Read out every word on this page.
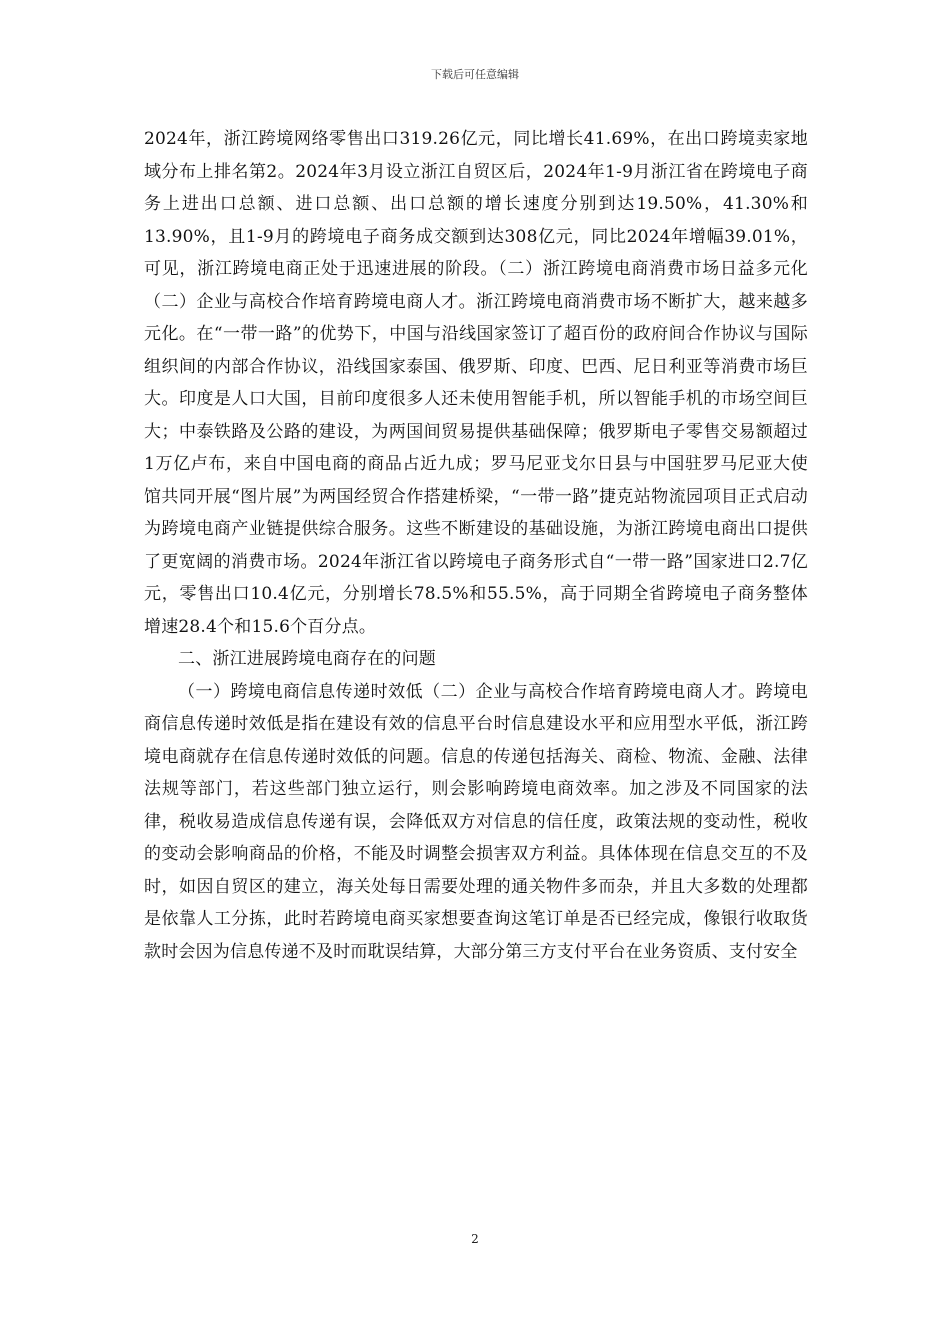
下载后可任意编辑

2024年，浙江跨境网络零售出口319.26亿元，同比增长41.69%，在出口跨境卖家地域分布上排名第2。2024年3月设立浙江自贸区后，2024年1-9月浙江省在跨境电子商务上进出口总额、进口总额、出口总额的增长速度分别到达19.50%，41.30%和13.90%，且1-9月的跨境电子商务成交额到达308亿元，同比2024年增幅39.01%，可见，浙江跨境电商正处于迅速进展的阶段。（二）浙江跨境电商消费市场日益多元化（二）企业与高校合作培育跨境电商人才。浙江跨境电商消费市场不断扩大，越来越多元化。在“一带一路”的优势下，中国与沿线国家签订了超百份的政府间合作协议与国际组织间的内部合作协议，沿线国家泰国、俄罗斯、印度、巴西、尼日利亚等消费市场巨大。印度是人口大国，目前印度很多人还未使用智能手机，所以智能手机的市场空间巨大；中泰铁路及公路的建设，为两国间贸易提供基础保障；俄罗斯电子零售交易额超过1万亿卢布，来自中国电商的商品占近九成；罗马尼亚戈尔日县与中国驻罗马尼亚大使馆共同开展“图片展”为两国经贸合作搭建桥梁，“一带一路”捷克站物流园项目正式启动为跨境电商产业链提供综合服务。这些不断建设的基础设施，为浙江跨境电商出口提供了更宽阔的消费市场。2024年浙江省以跨境电子商务形式自“一带一路”国家进口2.7亿元，零售出口10.4亿元，分别增长78.5%和55.5%，高于同期全省跨境电子商务整体增速28.4个和15.6个百分点。

二、浙江进展跨境电商存在的问题

（一）跨境电商信息传递时效低（二）企业与高校合作培育跨境电商人才。跨境电商信息传递时效低是指在建设有效的信息平台时信息建设水平和应用型水平低，浙江跨境电商就存在信息传递时效低的问题。信息的传递包括海关、商检、物流、金融、法律法规等部门，若这些部门独立运行，则会影响跨境电商效率。加之涉及不同国家的法律，税收易造成信息传递有误，会降低双方对信息的信任度，政策法规的变动性，税收的变动会影响商品的价格，不能及时调整会损害双方利益。具体体现在信息交互的不及时，如因自贸区的建立，海关处每日需要处理的通关物件多而杂，并且大多数的处理都是依靠人工分拣，此时若跨境电商买家想要查询这笔订单是否已经完成，像银行收取货款时会因为信息传递不及时而耽误结算，大部分第三方支付平台在业务资质、支付安全

2
